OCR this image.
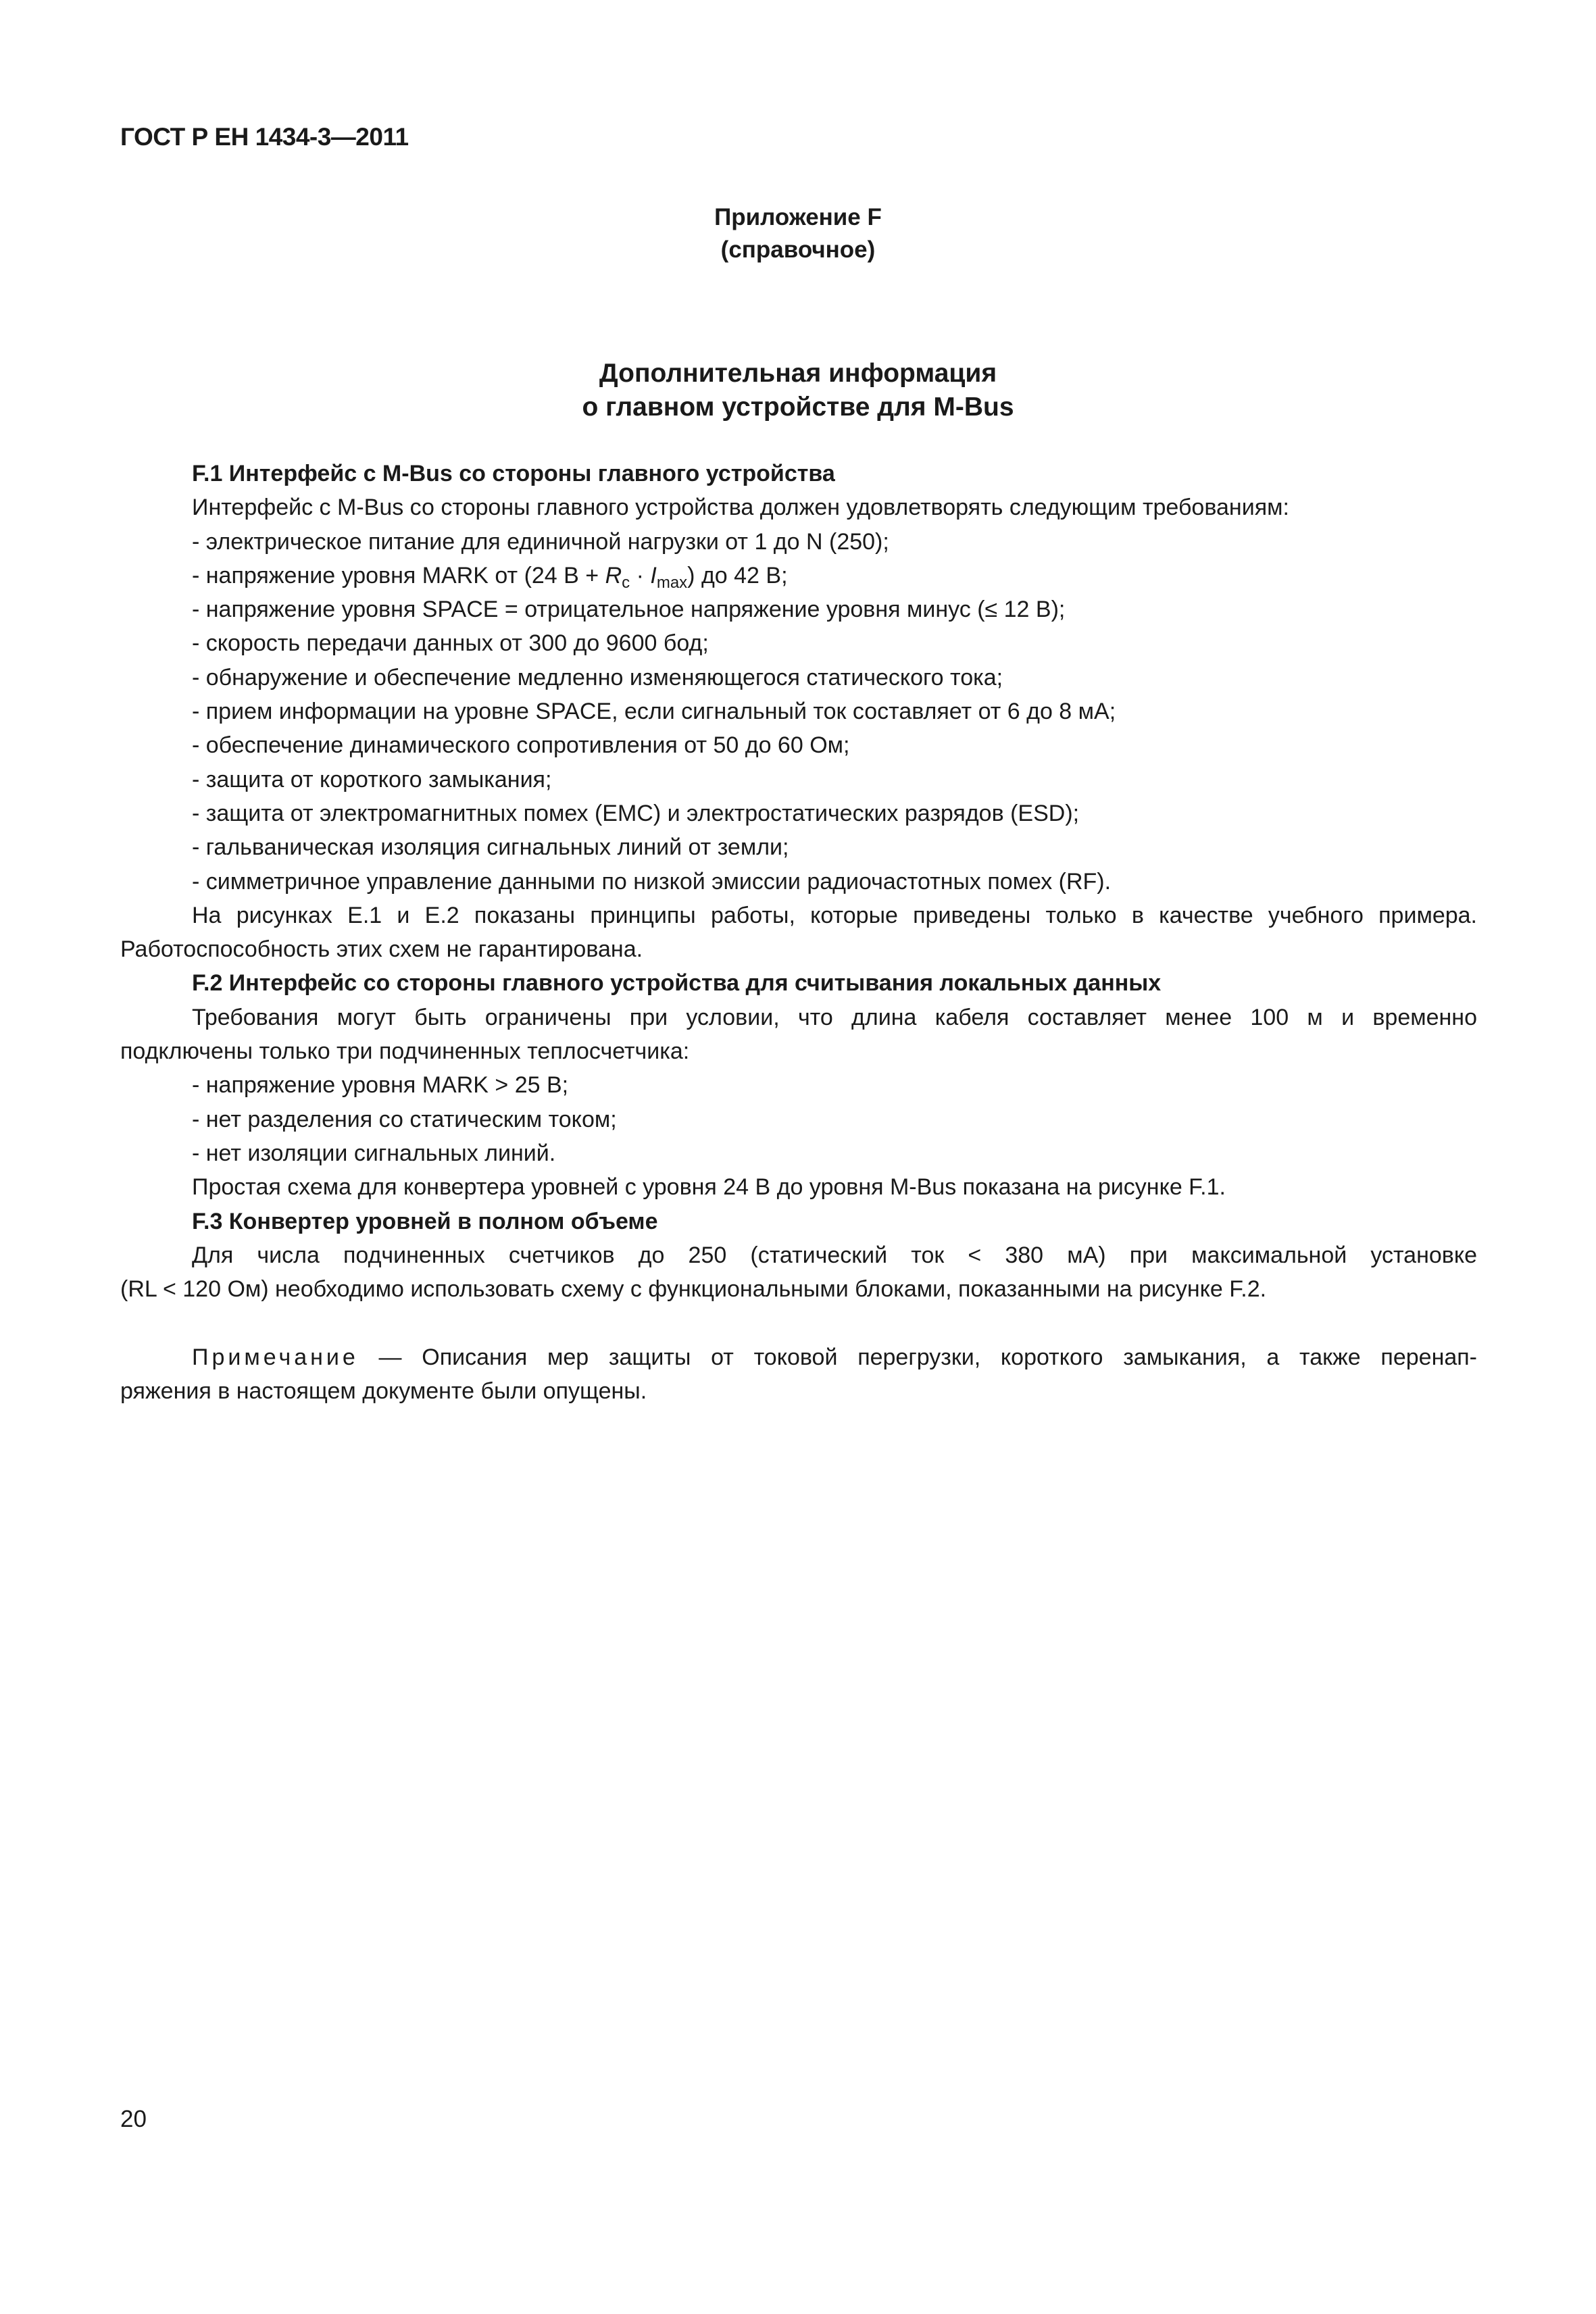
ГОСТ Р ЕН 1434-3—2011
Приложение F
(справочное)
Дополнительная информация
о главном устройстве для M-Bus
F.1 Интерфейс с M-Bus со стороны главного устройства
Интерфейс с M-Bus со стороны главного устройства должен удовлетворять следующим требованиям:
- электрическое питание для единичной нагрузки от 1 до N (250);
- напряжение уровня MARK от (24 $В + R_c \cdot I_{max}$) до 42 В;
- напряжение уровня SPACE = отрицательное напряжение уровня минус (≤ 12 В);
- скорость передачи данных от 300 до 9600 бод;
- обнаружение и обеспечение медленно изменяющегося статического тока;
- прием информации на уровне SPACE, если сигнальный ток составляет от 6 до 8 мА;
- обеспечение динамического сопротивления от 50 до 60 Ом;
- защита от короткого замыкания;
- защита от электромагнитных помех (EMC) и электростатических разрядов (ESD);
- гальваническая изоляция сигнальных линий от земли;
- симметричное управление данными по низкой эмиссии радиочастотных помех (RF).
На рисунках Е.1 и Е.2 показаны принципы работы, которые приведены только в качестве учебного примера.
Работоспособность этих схем не гарантирована.
F.2 Интерфейс со стороны главного устройства для считывания локальных данных
Требования могут быть ограничены при условии, что длина кабеля составляет менее 100 м и временно
подключены только три подчиненных теплосчетчика:
- напряжение уровня MARK > 25 В;
- нет разделения со статическим током;
- нет изоляции сигнальных линий.
Простая схема для конвертера уровней с уровня 24 В до уровня M-Bus показана на рисунке F.1.
F.3 Конвертер уровней в полном объеме
Для числа подчиненных счетчиков до 250 (статический ток < 380 мА) при максимальной установке
(RL < 120 Ом) необходимо использовать схему с функциональными блоками, показанными на рисунке F.2.
Примечание — Описания мер защиты от токовой перегрузки, короткого замыкания, а также перенап-
ряжения в настоящем документе были опущены.
20
